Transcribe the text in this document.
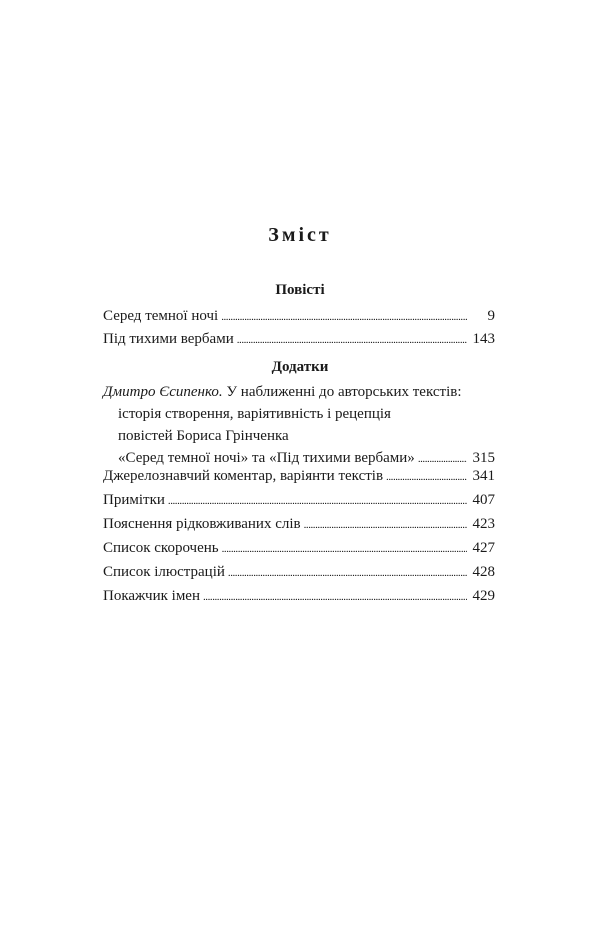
Зміст
Повісті
Серед темної ночі . . .	9
Під тихими вербами . . .	143
Додатки
Дмитро Єсипенко. У наближенні до авторських текстів:
історія створення, варіятивність і рецепція
повістей Бориса Грінченка
«Серед темної ночі» та «Під тихими вербами» . . .	315
Джерелознавчий коментар, варіянти текстів . . .	341
Примітки . . .	407
Пояснення рідковживаних слів . . .	423
Список скорочень . . .	427
Список ілюстрацій . . .	428
Покажчик імен . . .	429
